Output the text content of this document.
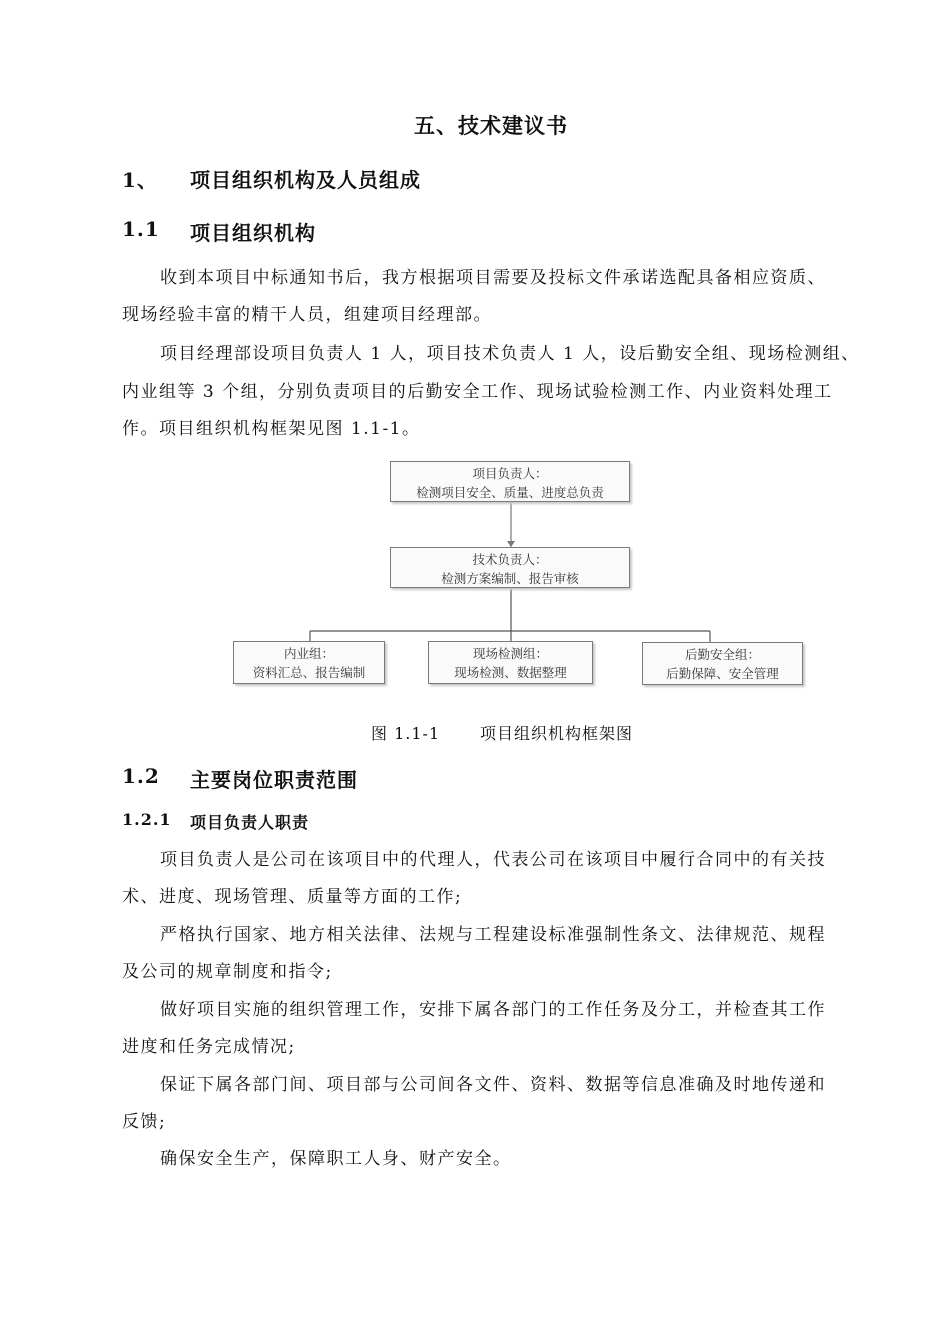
五、技术建议书
1、 项目组织机构及人员组成
1.1 项目组织机构
收到本项目中标通知书后，我方根据项目需要及投标文件承诺选配具备相应资质、
现场经验丰富的精干人员，组建项目经理部。
项目经理部设项目负责人 1 人，项目技术负责人 1 人，设后勤安全组、现场检测组、
内业组等 3 个组，分别负责项目的后勤安全工作、现场试验检测工作、内业资料处理工
作。项目组织机构框架见图 1.1-1。
项目负责人：
检测项目安全、质量、进度总负责
技术负责人：
检测方案编制、报告审核
内业组：
资料汇总、报告编制
现场检测组：
现场检测、数据整理
后勤安全组：
后勤保障、安全管理
图 1.1-1 项目组织机构框架图
1.2 主要岗位职责范围
1.2.1 项目负责人职责
项目负责人是公司在该项目中的代理人，代表公司在该项目中履行合同中的有关技
术、进度、现场管理、质量等方面的工作;
严格执行国家、地方相关法律、法规与工程建设标准强制性条文、法律规范、规程
及公司的规章制度和指令;
做好项目实施的组织管理工作，安排下属各部门的工作任务及分工，并检查其工作
进度和任务完成情况;
保证下属各部门间、项目部与公司间各文件、资料、数据等信息准确及时地传递和
反馈;
确保安全生产，保障职工人身、财产安全。
